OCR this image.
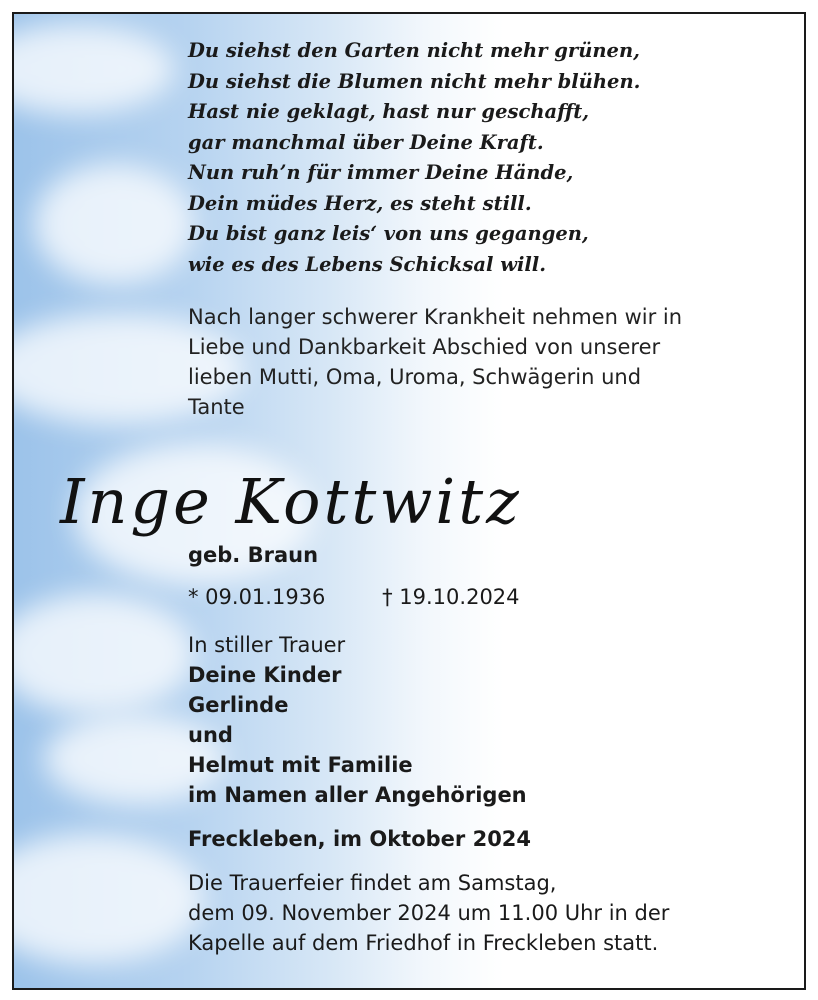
Du siehst den Garten nicht mehr grünen,
Du siehst die Blumen nicht mehr blühen.
Hast nie geklagt, hast nur geschafft,
gar manchmal über Deine Kraft.
Nun ruh’n für immer Deine Hände,
Dein müdes Herz, es steht still.
Du bist ganz leis‘ von uns gegangen,
wie es des Lebens Schicksal will.
Nach langer schwerer Krankheit nehmen wir in
Liebe und Dankbarkeit Abschied von unserer
lieben Mutti, Oma, Uroma, Schwägerin und
Tante
Inge Kottwitz
geb. Braun
* 09.01.1936	† 19.10.2024
In stiller Trauer
Deine Kinder
Gerlinde
und
Helmut mit Familie
im Namen aller Angehörigen
Freckleben, im Oktober 2024
Die Trauerfeier findet am Samstag,
dem 09. November 2024 um 11.00 Uhr in der
Kapelle auf dem Friedhof in Freckleben statt.
